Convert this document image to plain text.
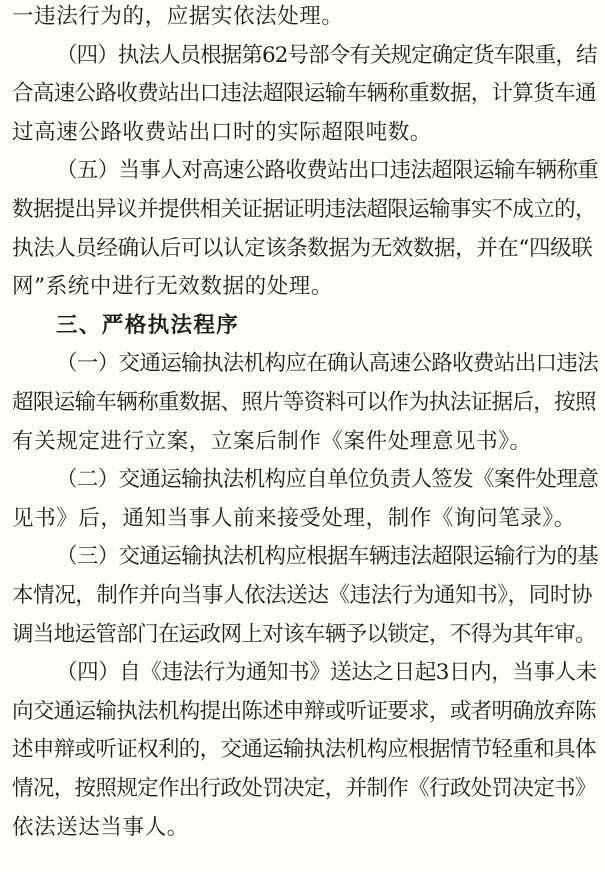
一违法行为的，应据实依法处理。
（四）执法人员根据第62号部令有关规定确定货车限重，结
合高速公路收费站出口违法超限运输车辆称重数据，计算货车通
过高速公路收费站出口时的实际超限吨数。
（五）当事人对高速公路收费站出口违法超限运输车辆称重
数据提出异议并提供相关证据证明违法超限运输事实不成立的，
执法人员经确认后可以认定该条数据为无效数据，并在“四级联
网”系统中进行无效数据的处理。
三、严格执法程序
（一）交通运输执法机构应在确认高速公路收费站出口违法
超限运输车辆称重数据、照片等资料可以作为执法证据后，按照
有关规定进行立案，立案后制作《案件处理意见书》。
（二）交通运输执法机构应自单位负责人签发《案件处理意
见书》后，通知当事人前来接受处理，制作《询问笔录》。
（三）交通运输执法机构应根据车辆违法超限运输行为的基
本情况，制作并向当事人依法送达《违法行为通知书》，同时协
调当地运管部门在运政网上对该车辆予以锁定，不得为其年审。
（四）自《违法行为通知书》送达之日起3日内，当事人未
向交通运输执法机构提出陈述申辩或听证要求，或者明确放弃陈
述申辩或听证权利的，交通运输执法机构应根据情节轻重和具体
情况，按照规定作出行政处罚决定，并制作《行政处罚决定书》
依法送达当事人。
